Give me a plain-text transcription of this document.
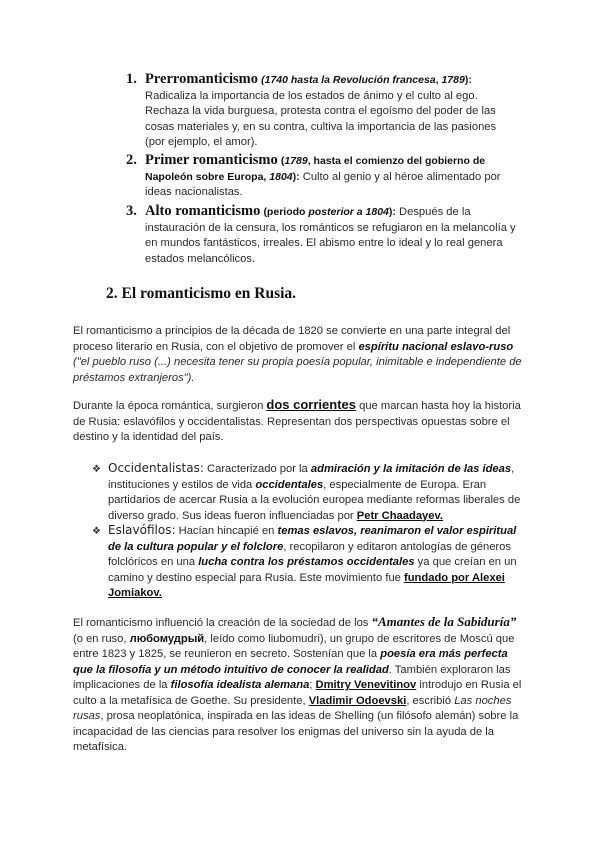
1. Prerromanticismo (1740 hasta la Revolución francesa, 1789):

Radicaliza la importancia de los estados de ánimo y el culto al ego. Rechaza la vida burguesa, protesta contra el egoísmo del poder de las cosas materiales y, en su contra, cultiva la importancia de las pasiones (por ejemplo, el amor).

2. Primer romanticismo (1789, hasta el comienzo del gobierno de Napoleón sobre Europa, 1804): Culto al genio y al héroe alimentado por ideas nacionalistas.

3. Alto romanticismo (periodo posterior a 1804): Después de la instauración de la censura, los románticos se refugiaron en la melancolía y en mundos fantásticos, irreales. El abismo entre lo ideal y lo real genera estados melancólicos.

2. El romanticismo en Rusia.

El romanticismo a principios de la década de 1820 se convierte en una parte integral del proceso literario en Rusia, con el objetivo de promover el espíritu nacional eslavo-ruso ("el pueblo ruso (...) necesita tener su propia poesía popular, inimitable e independiente de préstamos extranjeros").

Durante la época romántica, surgieron dos corrientes que marcan hasta hoy la historia de Rusia: eslavófilos y occidentalistas. Representan dos perspectivas opuestas sobre el destino y la identidad del país.

❖ Occidentalistas: Caracterizado por la admiración y la imitación de las ideas, instituciones y estilos de vida occidentales, especialmente de Europa. Eran partidarios de acercar Rusia a la evolución europea mediante reformas liberales de diverso grado. Sus ideas fueron influenciadas por Petr Chaadayev.

❖ Eslavófilos: Hacían hincapié en temas eslavos, reanimaron el valor espiritual de la cultura popular y el folclore, recopilaron y editaron antologías de géneros folclóricos en una lucha contra los préstamos occidentales ya que creían en un camino y destino especial para Rusia. Este movimiento fue fundado por Alexei Jomiakov.

El romanticismo influenció la creación de la sociedad de los “Amantes de la Sabiduría” (o en ruso, любомудрый, leído como liubomudri), un grupo de escritores de Moscú que entre 1823 y 1825, se reunieron en secreto. Sostenían que la poesía era más perfecta que la filosofía y un método intuitivo de conocer la realidad. También exploraron las implicaciones de la filosofía idealista alemana; Dmitry Venevitinov introdujo en Rusia el culto a la metafísica de Goethe. Su presidente, Vladimir Odoevski, escribió Las noches rusas, prosa neoplatónica, inspirada en las ideas de Shelling (un filósofo alemán) sobre la incapacidad de las ciencias para resolver los enigmas del universo sin la ayuda de la metafísica.
